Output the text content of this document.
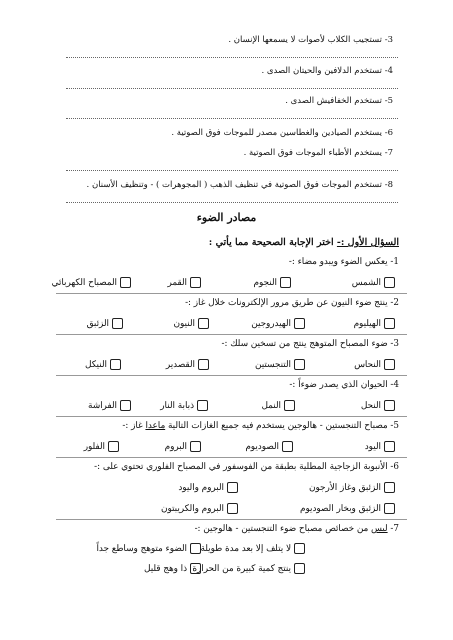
3- تستجيب الكلاب لأصوات لا يسمعها الإنسان .
4- تستخدم الدلافين والحيتان الصدى .
5- تستخدم الخفافيش الصدى .
6- يستخدم الصيادين والغطاسين مصدر للموجات فوق الصوتية .
7- يستخدم الأطباء الموجات فوق الصوتية .
8- تستخدم الموجات فوق الصوتية في تنظيف الذهب ( المجوهرات ) - وتنظيف الأسنان .
مصادر الضوء
السؤال الأول :- اختر الإجابة الصحيحة مما يأتي :
1- يعكس الضوء ويبدو مضاء :-
الشمس
النجوم
القمر
المصباح الكهربائي
2- ينتج ضوء النيون عن طريق مرور الإلكترونات خلال غاز :-
الهيليوم
الهيدروجين
النيون
الزئبق
3- ضوء المصباح المتوهج ينتج من تسخين سلك :-
النحاس
التنجستين
القصدير
النيكل
4- الحيوان الذي يصدر ضوءاً :-
النحل
النمل
ذبابة النار
الفراشة
5- مصباح التنجستين - هالوجين يستخدم فيه جميع الغازات التالية ماعدا غاز :-
اليود
الصوديوم
البروم
الفلور
6- الأنبوبة الزجاجية المطلية بطبقة من الفوسفور في المصباح الفلوري تحتوي على :-
الزئبق وغاز الأرجون
البروم واليود
الزئبق وبخار الصوديوم
البروم والكريبتون
7- ليس من خصائص مصباح ضوء التنجستين - هالوجين :-
لا يتلف إلا بعد مدة طويلة
الضوء متوهج وساطع جداً
ينتج كمية كبيرة من الحرارة
ذا وهج قليل
